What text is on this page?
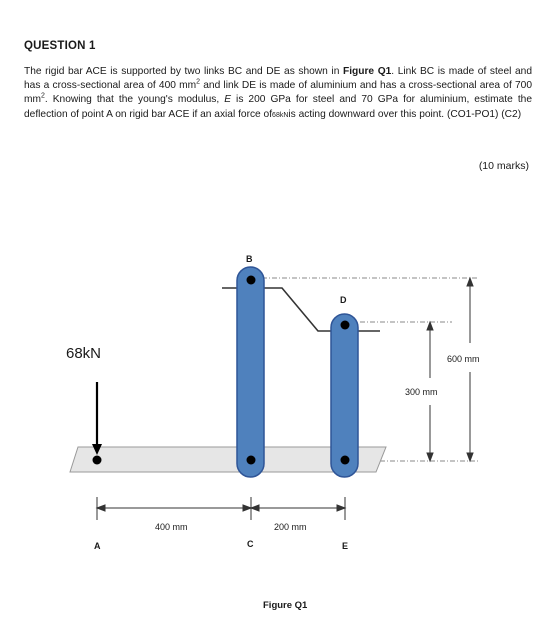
QUESTION 1
The rigid bar ACE is supported by two links BC and DE as shown in Figure Q1. Link BC is made of steel and has a cross-sectional area of 400 $mm^2$ and link DE is made of aluminium and has a cross-sectional area of 700 $mm^2$. Knowing that the young's modulus, E is 200 GPa for steel and 70 GPa for aluminium, estimate the deflection of point A on rigid bar ACE if an axial force of68kNis acting downward over this point. (CO1-PO1) (C2)
(10 marks)
68kN
B
D
A	C	E
400 mm	200 mm
300 mm
600 mm
Figure Q1
